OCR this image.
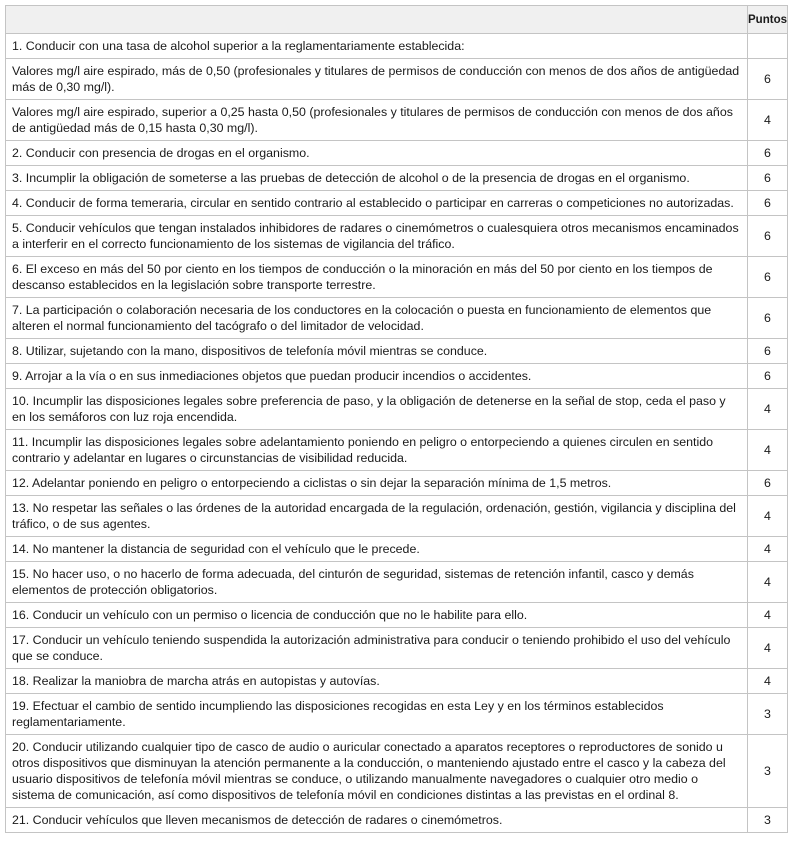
	Puntos
1. Conducir con una tasa de alcohol superior a la reglamentariamente establecida:	
Valores mg/l aire espirado, más de 0,50 (profesionales y titulares de permisos de conducción con menos de dos años de antigüedad más de 0,30 mg/l).	6
Valores mg/l aire espirado, superior a 0,25 hasta 0,50 (profesionales y titulares de permisos de conducción con menos de dos años de antigüedad más de 0,15 hasta 0,30 mg/l).	4
2. Conducir con presencia de drogas en el organismo.	6
3. Incumplir la obligación de someterse a las pruebas de detección de alcohol o de la presencia de drogas en el organismo.	6
4. Conducir de forma temeraria, circular en sentido contrario al establecido o participar en carreras o competiciones no autorizadas.	6
5. Conducir vehículos que tengan instalados inhibidores de radares o cinemómetros o cualesquiera otros mecanismos encaminados a interferir en el correcto funcionamiento de los sistemas de vigilancia del tráfico.	6
6. El exceso en más del 50 por ciento en los tiempos de conducción o la minoración en más del 50 por ciento en los tiempos de descanso establecidos en la legislación sobre transporte terrestre.	6
7. La participación o colaboración necesaria de los conductores en la colocación o puesta en funcionamiento de elementos que alteren el normal funcionamiento del tacógrafo o del limitador de velocidad.	6
8. Utilizar, sujetando con la mano, dispositivos de telefonía móvil mientras se conduce.	6
9. Arrojar a la vía o en sus inmediaciones objetos que puedan producir incendios o accidentes.	6
10. Incumplir las disposiciones legales sobre preferencia de paso, y la obligación de detenerse en la señal de stop, ceda el paso y en los semáforos con luz roja encendida.	4
11. Incumplir las disposiciones legales sobre adelantamiento poniendo en peligro o entorpeciendo a quienes circulen en sentido contrario y adelantar en lugares o circunstancias de visibilidad reducida.	4
12. Adelantar poniendo en peligro o entorpeciendo a ciclistas o sin dejar la separación mínima de 1,5 metros.	6
13. No respetar las señales o las órdenes de la autoridad encargada de la regulación, ordenación, gestión, vigilancia y disciplina del tráfico, o de sus agentes.	4
14. No mantener la distancia de seguridad con el vehículo que le precede.	4
15. No hacer uso, o no hacerlo de forma adecuada, del cinturón de seguridad, sistemas de retención infantil, casco y demás elementos de protección obligatorios.	4
16. Conducir un vehículo con un permiso o licencia de conducción que no le habilite para ello.	4
17. Conducir un vehículo teniendo suspendida la autorización administrativa para conducir o teniendo prohibido el uso del vehículo que se conduce.	4
18. Realizar la maniobra de marcha atrás en autopistas y autovías.	4
19. Efectuar el cambio de sentido incumpliendo las disposiciones recogidas en esta Ley y en los términos establecidos reglamentariamente.	3
20. Conducir utilizando cualquier tipo de casco de audio o auricular conectado a aparatos receptores o reproductores de sonido u otros dispositivos que disminuyan la atención permanente a la conducción, o manteniendo ajustado entre el casco y la cabeza del usuario dispositivos de telefonía móvil mientras se conduce, o utilizando manualmente navegadores o cualquier otro medio o sistema de comunicación, así como dispositivos de telefonía móvil en condiciones distintas a las previstas en el ordinal 8.	3
21. Conducir vehículos que lleven mecanismos de detección de radares o cinemómetros.	3
